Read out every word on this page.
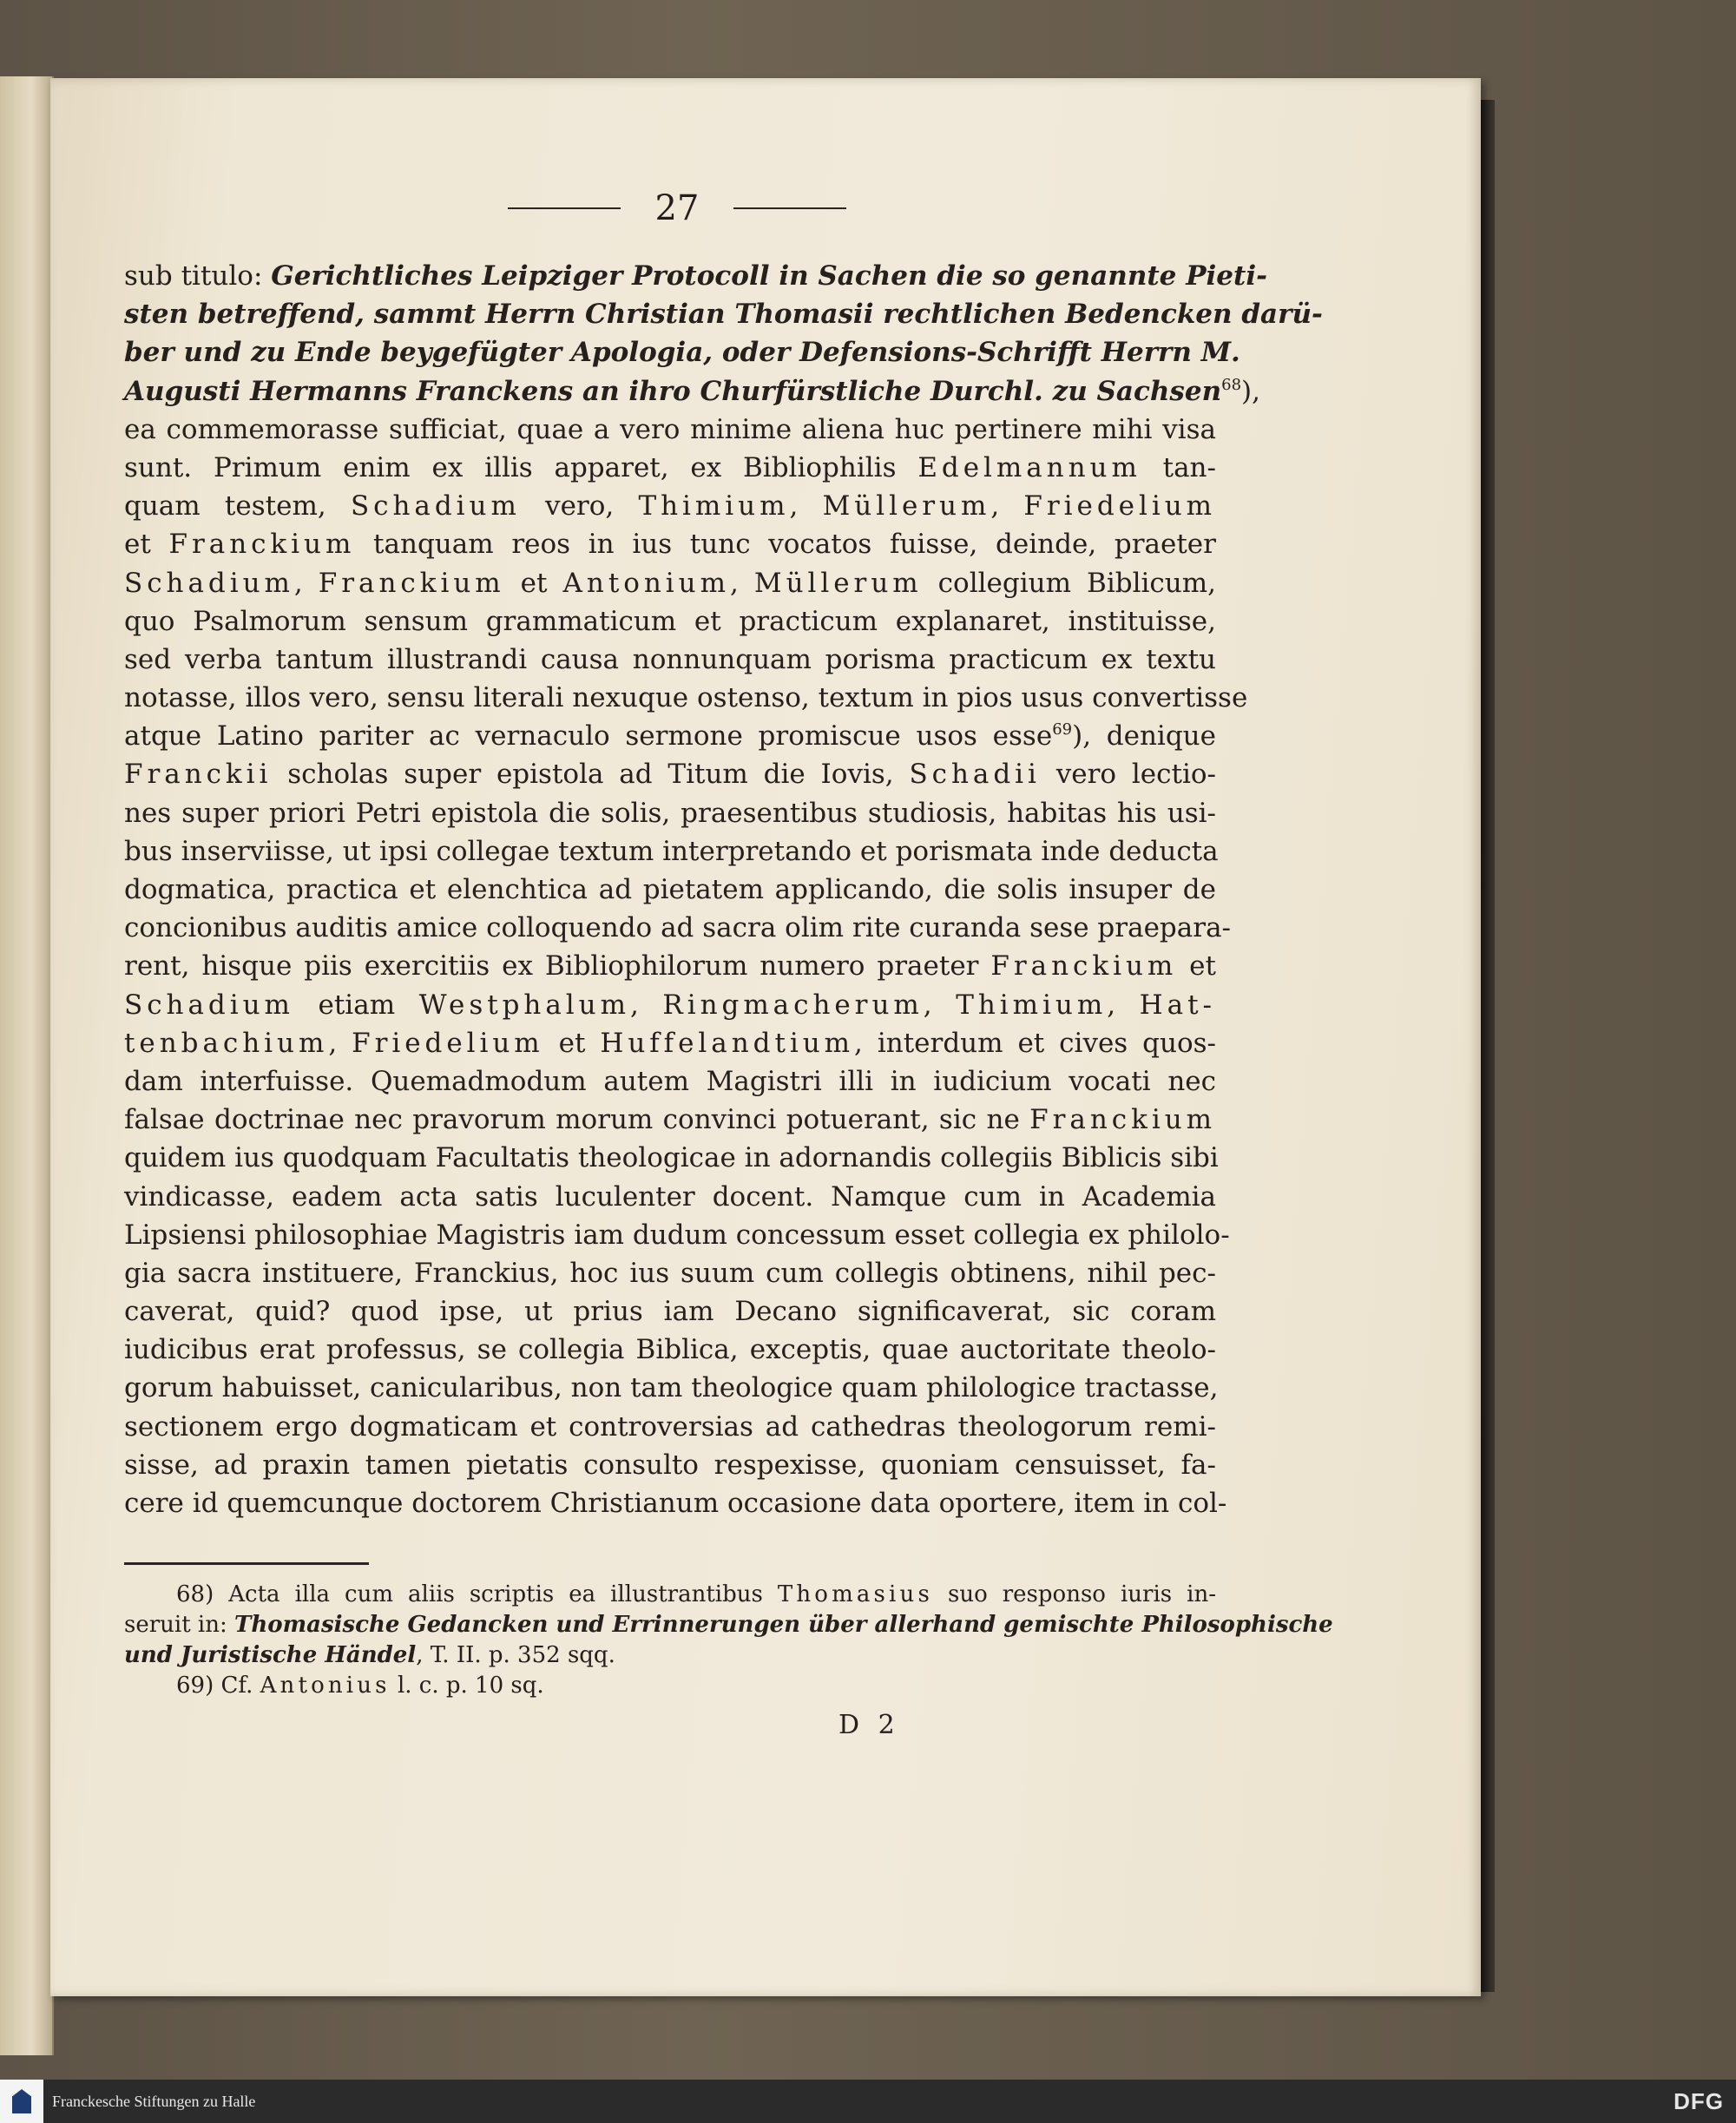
27
sub titulo: Gerichtliches Leipziger Protocoll in Sachen die so genannte Pieti-
sten betreffend, sammt Herrn Christian Thomasii rechtlichen Bedencken darü-
ber und zu Ende beygefügter Apologia, oder Defensions-Schrifft Herrn M.
Augusti Hermanns Franckens an ihro Churfürstliche Durchl. zu Sachsen$^{68}$
ea commemorasse sufficiat, quae a vero minime aliena huc pertinere mihi visa
sunt. Primum enim ex illis apparet, ex Bibliophilis Edelmannum tan-
quam testem, Schadium vero, Thimium, Müllerum, Friedelium
et Franckium tanquam reos in ius tunc vocatos fuisse, deinde, praeter
Schadium, Franckium et Antonium, Müllerum collegium Biblicum,
quo Psalmorum sensum grammaticum et practicum explanaret, instituisse,
sed verba tantum illustrandi causa nonnunquam porisma practicum ex textu
notasse, illos vero, sensu literali nexuque ostenso, textum in pios usus convertisse
atque Latino pariter ac vernaculo sermone promiscue usos esse$^{69}$), denique
Franckii scholas super epistola ad Titum die Iovis, Schadii vero lectio-
nes super priori Petri epistola die solis, praesentibus studiosis, habitas his usi-
bus inserviisse, ut ipsi collegae textum interpretando et porismata inde deducta
dogmatica, practica et elenchtica ad pietatem applicando, die solis insuper de
concionibus auditis amice colloquendo ad sacra olim rite curanda sese praepara-
rent, hisque piis exercitiis ex Bibliophilorum numero praeter Franckium et
Schadium etiam Westphalum, Ringmacherum, Thimium, Hat-
tenbachium, Friedelium et Huffelandtium, interdum et cives quos-
dam interfuisse. Quemadmodum autem Magistri illi in iudicium vocati nec
falsae doctrinae nec pravorum morum convinci potuerant, sic ne Franckium
quidem ius quodquam Facultatis theologicae in adornandis collegiis Biblicis sibi
vindicasse, eadem acta satis luculenter docent. Namque cum in Academia
Lipsiensi philosophiae Magistris iam dudum concessum esset collegia ex philolo-
gia sacra instituere, Franckius, hoc ius suum cum collegis obtinens, nihil pec-
caverat, quid? quod ipse, ut prius iam Decano significaverat, sic coram
iudicibus erat professus, se collegia Biblica, exceptis, quae auctoritate theolo-
gorum habuisset, canicularibus, non tam theologice quam philologice tractasse,
sectionem ergo dogmaticam et controversias ad cathedras theologorum remi-
sisse, ad praxin tamen pietatis consulto respexisse, quoniam censuisset, fa-
cere id quemcunque doctorem Christianum occasione data oportere, item in col-
68) Acta illa cum aliis scriptis ea illustrantibus Thomasius suo responso iuris in-
seruit in: Thomasische Gedancken und Errinnerungen über allerhand gemischte Philosophische
und Juristische Händel, T. II. p. 352 sqq.
69) Cf. Antonius l. c. p. 10 sq.
D 2
Franckesche Stiftungen zu Halle	DFG
